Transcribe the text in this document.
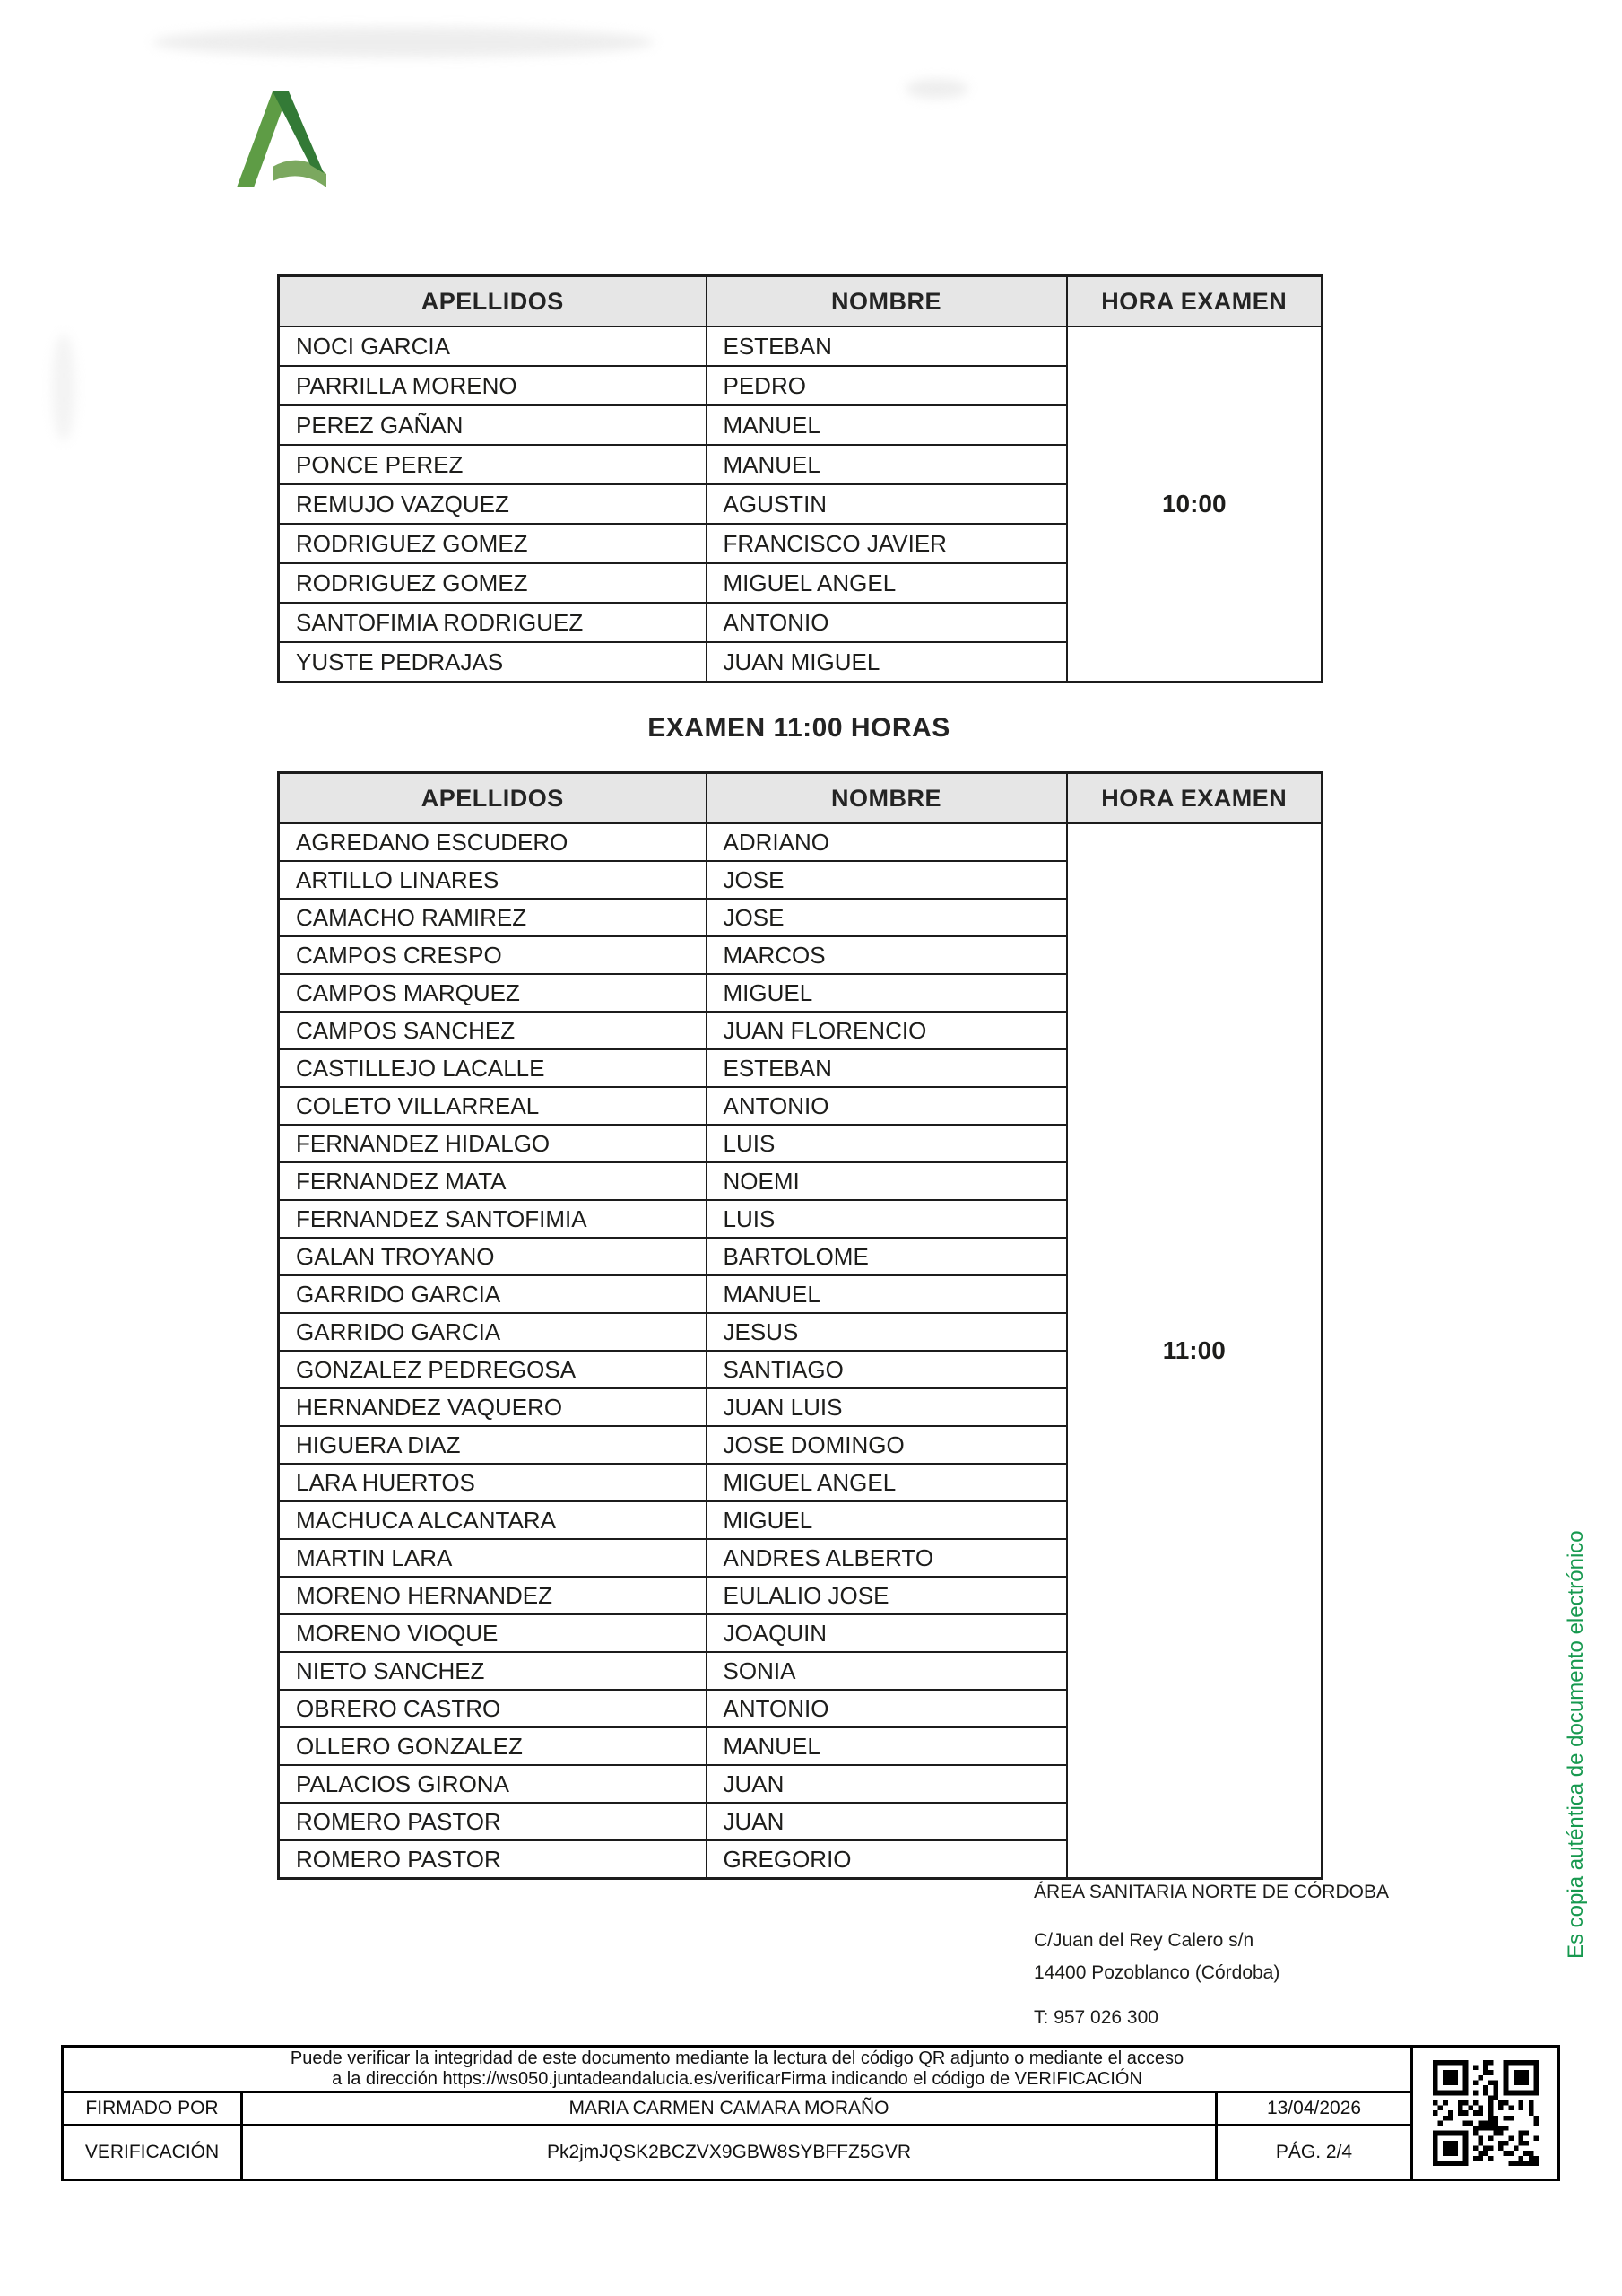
APELLIDOS	NOMBRE	HORA EXAMEN
NOCI GARCIA	ESTEBAN	10:00
PARRILLA MORENO	PEDRO	
PEREZ GAÑAN	MANUEL	
PONCE PEREZ	MANUEL	
REMUJO VAZQUEZ	AGUSTIN	
RODRIGUEZ GOMEZ	FRANCISCO JAVIER	
RODRIGUEZ GOMEZ	MIGUEL ANGEL	
SANTOFIMIA RODRIGUEZ	ANTONIO	
YUSTE PEDRAJAS	JUAN MIGUEL	
EXAMEN 11:00 HORAS
APELLIDOS	NOMBRE	HORA EXAMEN
AGREDANO ESCUDERO	ADRIANO	11:00
ARTILLO LINARES	JOSE	
CAMACHO RAMIREZ	JOSE	
CAMPOS CRESPO	MARCOS	
CAMPOS MARQUEZ	MIGUEL	
CAMPOS SANCHEZ	JUAN FLORENCIO	
CASTILLEJO LACALLE	ESTEBAN	
COLETO VILLARREAL	ANTONIO	
FERNANDEZ HIDALGO	LUIS	
FERNANDEZ MATA	NOEMI	
FERNANDEZ SANTOFIMIA	LUIS	
GALAN TROYANO	BARTOLOME	
GARRIDO GARCIA	MANUEL	
GARRIDO GARCIA	JESUS	
GONZALEZ PEDREGOSA	SANTIAGO	
HERNANDEZ VAQUERO	JUAN LUIS	
HIGUERA DIAZ	JOSE DOMINGO	
LARA HUERTOS	MIGUEL ANGEL	
MACHUCA ALCANTARA	MIGUEL	
MARTIN LARA	ANDRES ALBERTO	
MORENO HERNANDEZ	EULALIO JOSE	
MORENO VIOQUE	JOAQUIN	
NIETO SANCHEZ	SONIA	
OBRERO CASTRO	ANTONIO	
OLLERO GONZALEZ	MANUEL	
PALACIOS GIRONA	JUAN	
ROMERO PASTOR	JUAN	
ROMERO PASTOR	GREGORIO	
ÁREA SANITARIA NORTE DE CÓRDOBA
C/Juan del Rey Calero s/n
14400 Pozoblanco (Córdoba)
T: 957 026 300
Es copia auténtica de documento electrónico
Puede verificar la integridad de este documento mediante la lectura del código QR adjunto o mediante el acceso
a la dirección https://ws050.juntadeandalucia.es/verificarFirma indicando el código de VERIFICACIÓN		
FIRMADO POR	MARIA CARMEN CAMARA MORAÑO	13/04/2026
VERIFICACIÓN	Pk2jmJQSK2BCZVX9GBW8SYBFFZ5GVR	PÁG. 2/4
